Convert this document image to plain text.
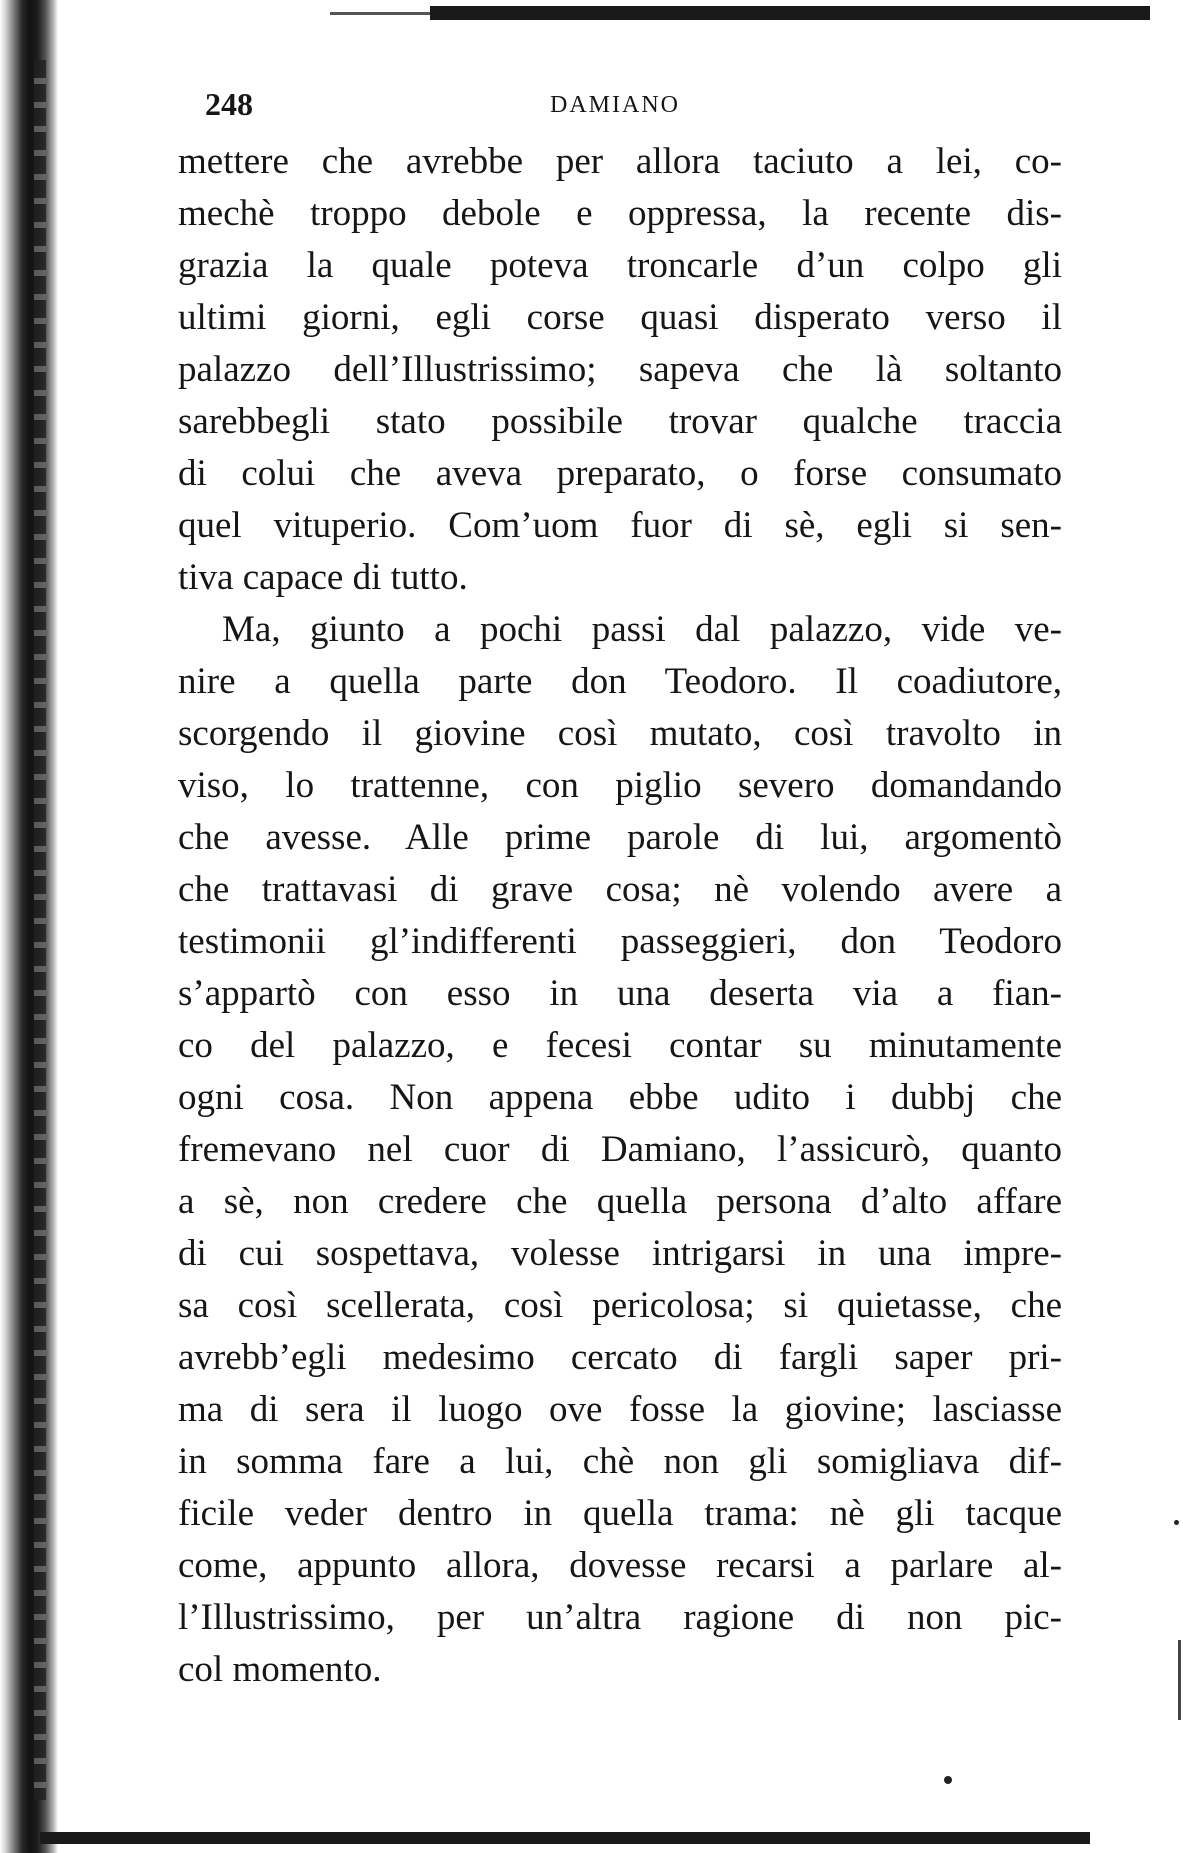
248	DAMIANO
mettere che avrebbe per allora taciuto a lei, co-
mechè troppo debole e oppressa, la recente dis-
grazia la quale poteva troncarle d’un colpo gli
ultimi giorni, egli corse quasi disperato verso il
palazzo dell’Illustrissimo; sapeva che là soltanto
sarebbegli stato possibile trovar qualche traccia
di colui che aveva preparato, o forse consumato
quel vituperio. Com’uom fuor di sè, egli si sen-
tiva capace di tutto.
Ma, giunto a pochi passi dal palazzo, vide ve-
nire a quella parte don Teodoro. Il coadiutore,
scorgendo il giovine così mutato, così travolto in
viso, lo trattenne, con piglio severo domandando
che avesse. Alle prime parole di lui, argomentò
che trattavasi di grave cosa; nè volendo avere a
testimonii gl’indifferenti passeggieri, don Teodoro
s’appartò con esso in una deserta via a fian-
co del palazzo, e fecesi contar su minutamente
ogni cosa. Non appena ebbe udito i dubbj che
fremevano nel cuor di Damiano, l’assicurò, quanto
a sè, non credere che quella persona d’alto affare
di cui sospettava, volesse intrigarsi in una impre-
sa così scellerata, così pericolosa; si quietasse, che
avrebb’egli medesimo cercato di fargli saper pri-
ma di sera il luogo ove fosse la giovine; lasciasse
in somma fare a lui, chè non gli somigliava dif-
ficile veder dentro in quella trama: nè gli tacque
come, appunto allora, dovesse recarsi a parlare al-
l’Illustrissimo, per un’altra ragione di non pic-
col momento.
